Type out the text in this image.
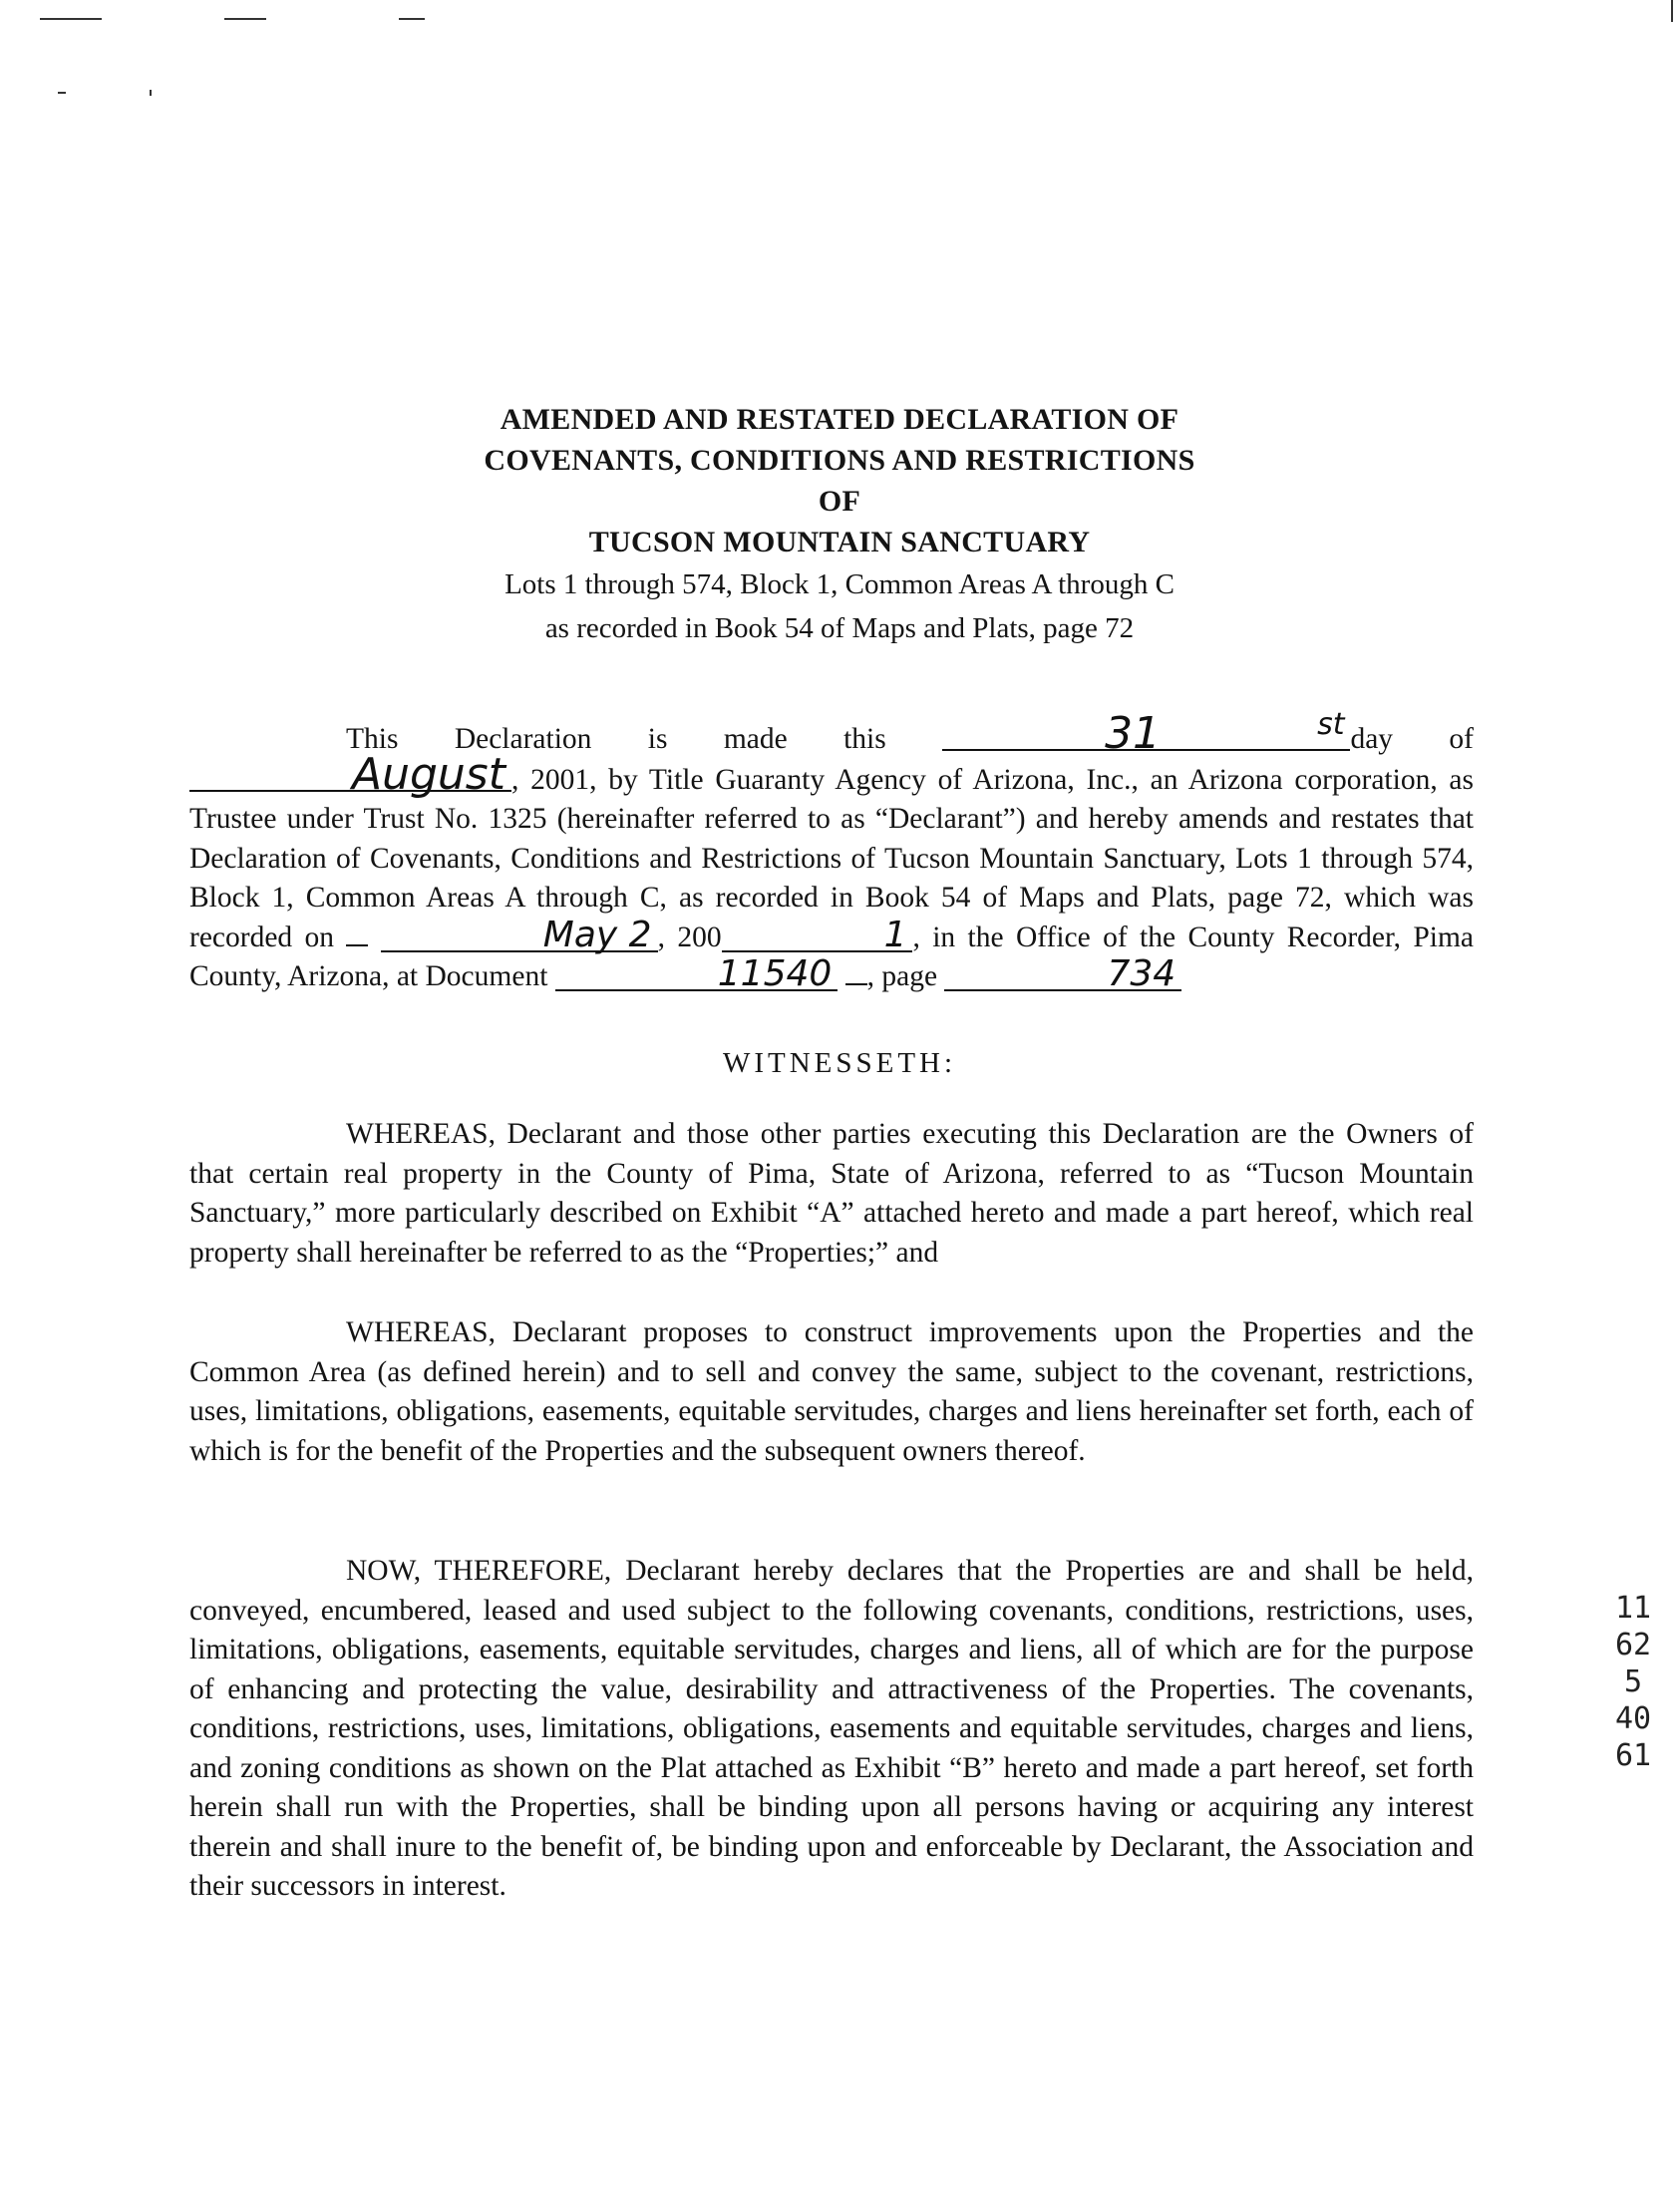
AMENDED AND RESTATED DECLARATION OF
COVENANTS, CONDITIONS AND RESTRICTIONS
OF
TUCSON MOUNTAIN SANCTUARY
Lots 1 through 574, Block 1, Common Areas A through C
as recorded in Book 54 of Maps and Plats, page 72
This Declaration is made this	31	st day of August , 2001, by Title Guaranty Agency of Arizona, Inc., an Arizona corporation, as Trustee under Trust No. 1325 (hereinafter referred to as “Declarant”) and hereby amends and restates that Declaration of Covenants, Conditions and Restrictions of Tucson Mountain Sanctuary, Lots 1 through 574, Block 1, Common Areas A through C, as recorded in Book 54 of Maps and Plats, page 72, which was recorded on	May 2 , 200	1 , in the Office of the County Recorder, Pima County, Arizona, at Document	11540 , page	734
WITNESSETH:
WHEREAS, Declarant and those other parties executing this Declaration are the Owners of that certain real property in the County of Pima, State of Arizona, referred to as “Tucson Mountain Sanctuary,” more particularly described on Exhibit “A” attached hereto and made a part hereof, which real property shall hereinafter be referred to as the “Properties;” and
WHEREAS, Declarant proposes to construct improvements upon the Properties and the Common Area (as defined herein) and to sell and convey the same, subject to the covenant, restrictions, uses, limitations, obligations, easements, equitable servitudes, charges and liens hereinafter set forth, each of which is for the benefit of the Properties and the subsequent owners thereof.
NOW, THEREFORE, Declarant hereby declares that the Properties are and shall be held, conveyed, encumbered, leased and used subject to the following covenants, conditions, restrictions, uses, limitations, obligations, easements, equitable servitudes, charges and liens, all of which are for the purpose of enhancing and protecting the value, desirability and attractiveness of the Properties. The covenants, conditions, restrictions, uses, limitations, obligations, easements and equitable servitudes, charges and liens, and zoning conditions as shown on the Plat attached as Exhibit “B” hereto and made a part hereof, set forth herein shall run with the Properties, shall be binding upon all persons having or acquiring any interest therein and shall inure to the benefit of, be binding upon and enforceable by Declarant, the Association and their successors in interest.
11625 4061
